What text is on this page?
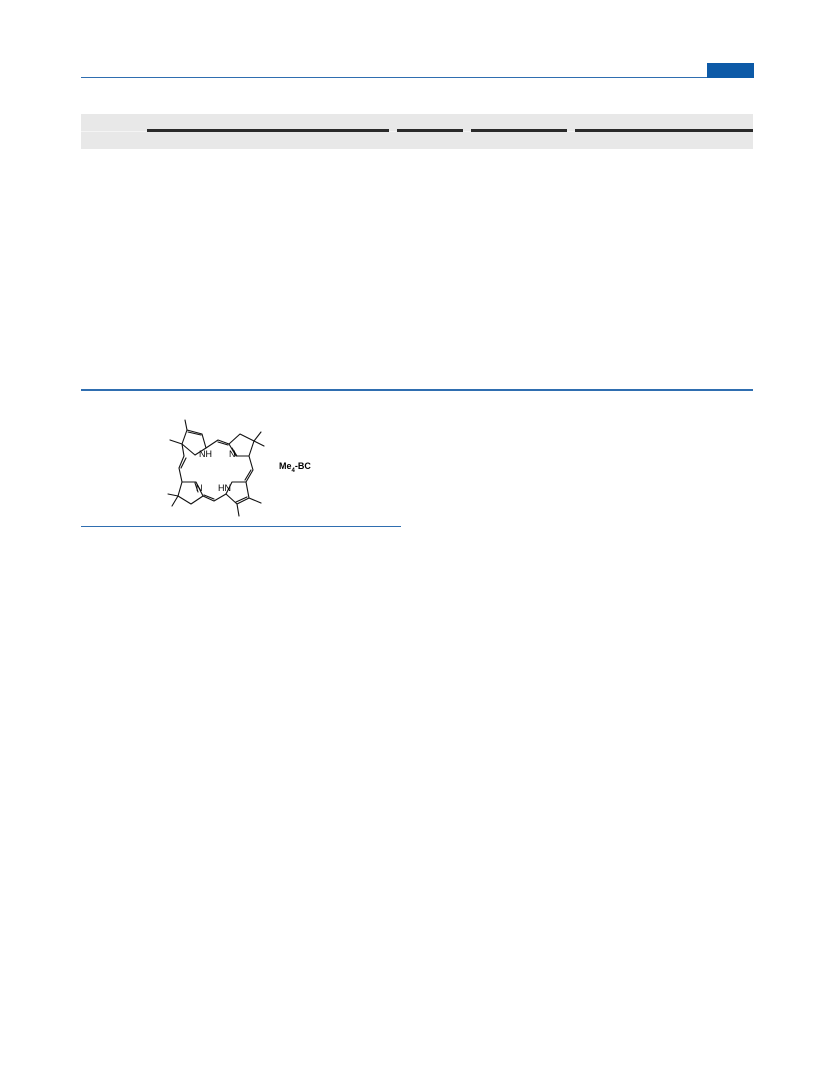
NH N
N HN
$Me_4-BC$
